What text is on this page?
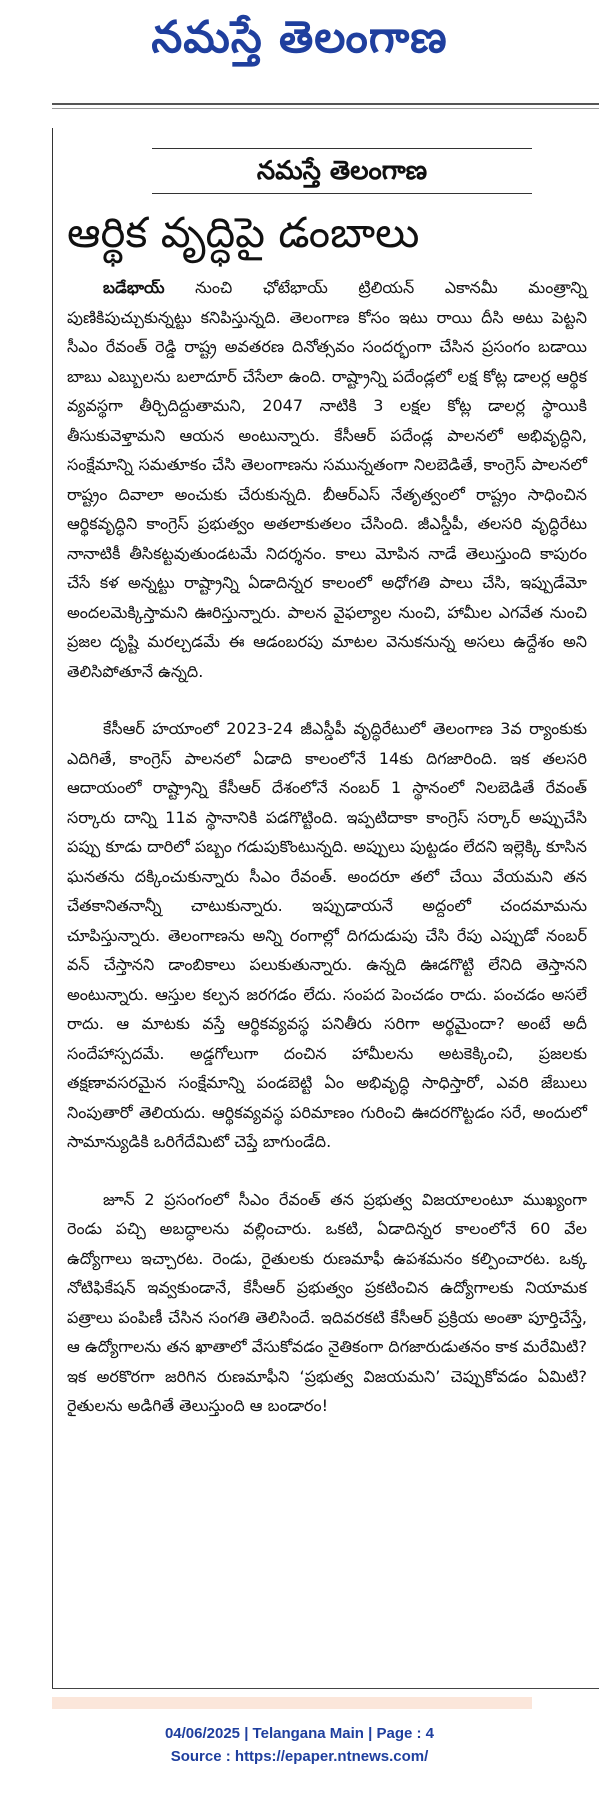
నమస్తే తెలంగాణ
నమస్తే తెలంగాణ
ఆర్థిక వృద్ధిపై డంబాలు

బడేభాయ్ నుంచి ఛోటేభాయ్ ట్రిలియన్ ఎకానమీ మంత్రాన్ని పుణికిపుచ్చుకున్నట్టు కనిపిస్తున్నది. తెలంగాణ కోసం ఇటు రాయి దీసి అటు పెట్టని సీఎం రేవంత్ రెడ్డి రాష్ట్ర అవతరణ దినోత్సవం సందర్భంగా చేసిన ప్రసంగం బడాయి బాబు ఎబ్బులను బలాదూర్ చేసేలా ఉంది. రాష్ట్రాన్ని పదేండ్లలో లక్ష కోట్ల డాలర్ల ఆర్థిక వ్యవస్థగా తీర్చిదిద్దుతామని, 2047 నాటికి 3 లక్షల కోట్ల డాలర్ల స్థాయికి తీసుకువెళ్తామని ఆయన అంటున్నారు. కేసీఆర్ పదేండ్ల పాలనలో అభివృద్ధిని, సంక్షేమాన్ని సమతూకం చేసి తెలంగాణను సమున్నతంగా నిలబెడితే, కాంగ్రెస్ పాలనలో రాష్ట్రం దివాలా అంచుకు చేరుకున్నది. బీఆర్ఎస్ నేతృత్వంలో రాష్ట్రం సాధించిన ఆర్థికవృద్ధిని కాంగ్రెస్ ప్రభుత్వం అతలాకుతలం చేసింది. జీఎస్డీపీ, తలసరి వృద్ధిరేటు నానాటికీ తీసికట్టవుతుండటమే నిదర్శనం. కాలు మోపిన నాడే తెలుస్తుంది కాపురం చేసే కళ అన్నట్టు రాష్ట్రాన్ని ఏడాదిన్నర కాలంలో అధోగతి పాలు చేసి, ఇప్పుడేమో అందలమెక్కిస్తామని ఊరిస్తున్నారు. పాలన వైఫల్యాల నుంచి, హామీల ఎగవేత నుంచి ప్రజల దృష్టి మరల్చడమే ఈ ఆడంబరపు మాటల వెనుకనున్న అసలు ఉద్దేశం అని తెలిసిపోతూనే ఉన్నది.

కేసీఆర్ హయాంలో 2023-24 జీఎస్డీపీ వృద్ధిరేటులో తెలంగాణ 3వ ర్యాంకుకు ఎదిగితే, కాంగ్రెస్ పాలనలో ఏడాది కాలంలోనే 14కు దిగజారింది. ఇక తలసరి ఆదాయంలో రాష్ట్రాన్ని కేసీఆర్ దేశంలోనే నంబర్ 1 స్థానంలో నిలబెడితే రేవంత్ సర్కారు దాన్ని 11వ స్థానానికి పడగొట్టింది. ఇప్పటిదాకా కాంగ్రెస్ సర్కార్ అప్పుచేసి పప్పు కూడు దారిలో పబ్బం గడుపుకొంటున్నది. అప్పులు పుట్టడం లేదని ఇల్లెక్కి కూసిన ఘనతను దక్కించుకున్నారు సీఎం రేవంత్. అందరూ తలో చేయి వేయమని తన చేతకానితనాన్నీ చాటుకున్నారు. ఇప్పుడాయనే అద్దంలో చందమామను చూపిస్తున్నారు. తెలంగాణను అన్ని రంగాల్లో దిగదుడుపు చేసి రేపు ఎప్పుడో నంబర్ వన్ చేస్తానని డాంబికాలు పలుకుతున్నారు. ఉన్నది ఊడగొట్టి లేనిది తెస్తానని అంటున్నారు. ఆస్తుల కల్పన జరగడం లేదు. సంపద పెంచడం రాదు. పంచడం అసలే రాదు. ఆ మాటకు వస్తే ఆర్థికవ్యవస్థ పనితీరు సరిగా అర్థమైందా? అంటే అదీ సందేహాస్పదమే. అడ్డగోలుగా దంచిన హామీలను అటకెక్కించి, ప్రజలకు తక్షణావసరమైన సంక్షేమాన్ని పండబెట్టి ఏం అభివృద్ధి సాధిస్తారో, ఎవరి జేబులు నింపుతారో తెలియదు. ఆర్థికవ్యవస్థ పరిమాణం గురించి ఊదరగొట్టడం సరే, అందులో సామాన్యుడికి ఒరిగేదేమిటో చెప్తే బాగుండేది.

జూన్ 2 ప్రసంగంలో సీఎం రేవంత్ తన ప్రభుత్వ విజయాలంటూ ముఖ్యంగా రెండు పచ్చి అబద్ధాలను వల్లించారు. ఒకటి, ఏడాదిన్నర కాలంలోనే 60 వేల ఉద్యోగాలు ఇచ్చారట. రెండు, రైతులకు రుణమాఫీ ఉపశమనం కల్పించారట. ఒక్క నోటిఫికేషన్ ఇవ్వకుండానే, కేసీఆర్ ప్రభుత్వం ప్రకటించిన ఉద్యోగాలకు నియామక పత్రాలు పంపిణీ చేసిన సంగతి తెలిసిందే. ఇదివరకటి కేసీఆర్ ప్రక్రియ అంతా పూర్తిచేస్తే, ఆ ఉద్యోగాలను తన ఖాతాలో వేసుకోవడం నైతికంగా దిగజారుడుతనం కాక మరేమిటి? ఇక అరకొరగా జరిగిన రుణమాఫీని ‘ప్రభుత్వ విజయమని’ చెప్పుకోవడం ఏమిటి? రైతులను అడిగితే తెలుస్తుంది ఆ బండారం!

04/06/2025 | Telangana Main | Page : 4
Source : https://epaper.ntnews.com/
